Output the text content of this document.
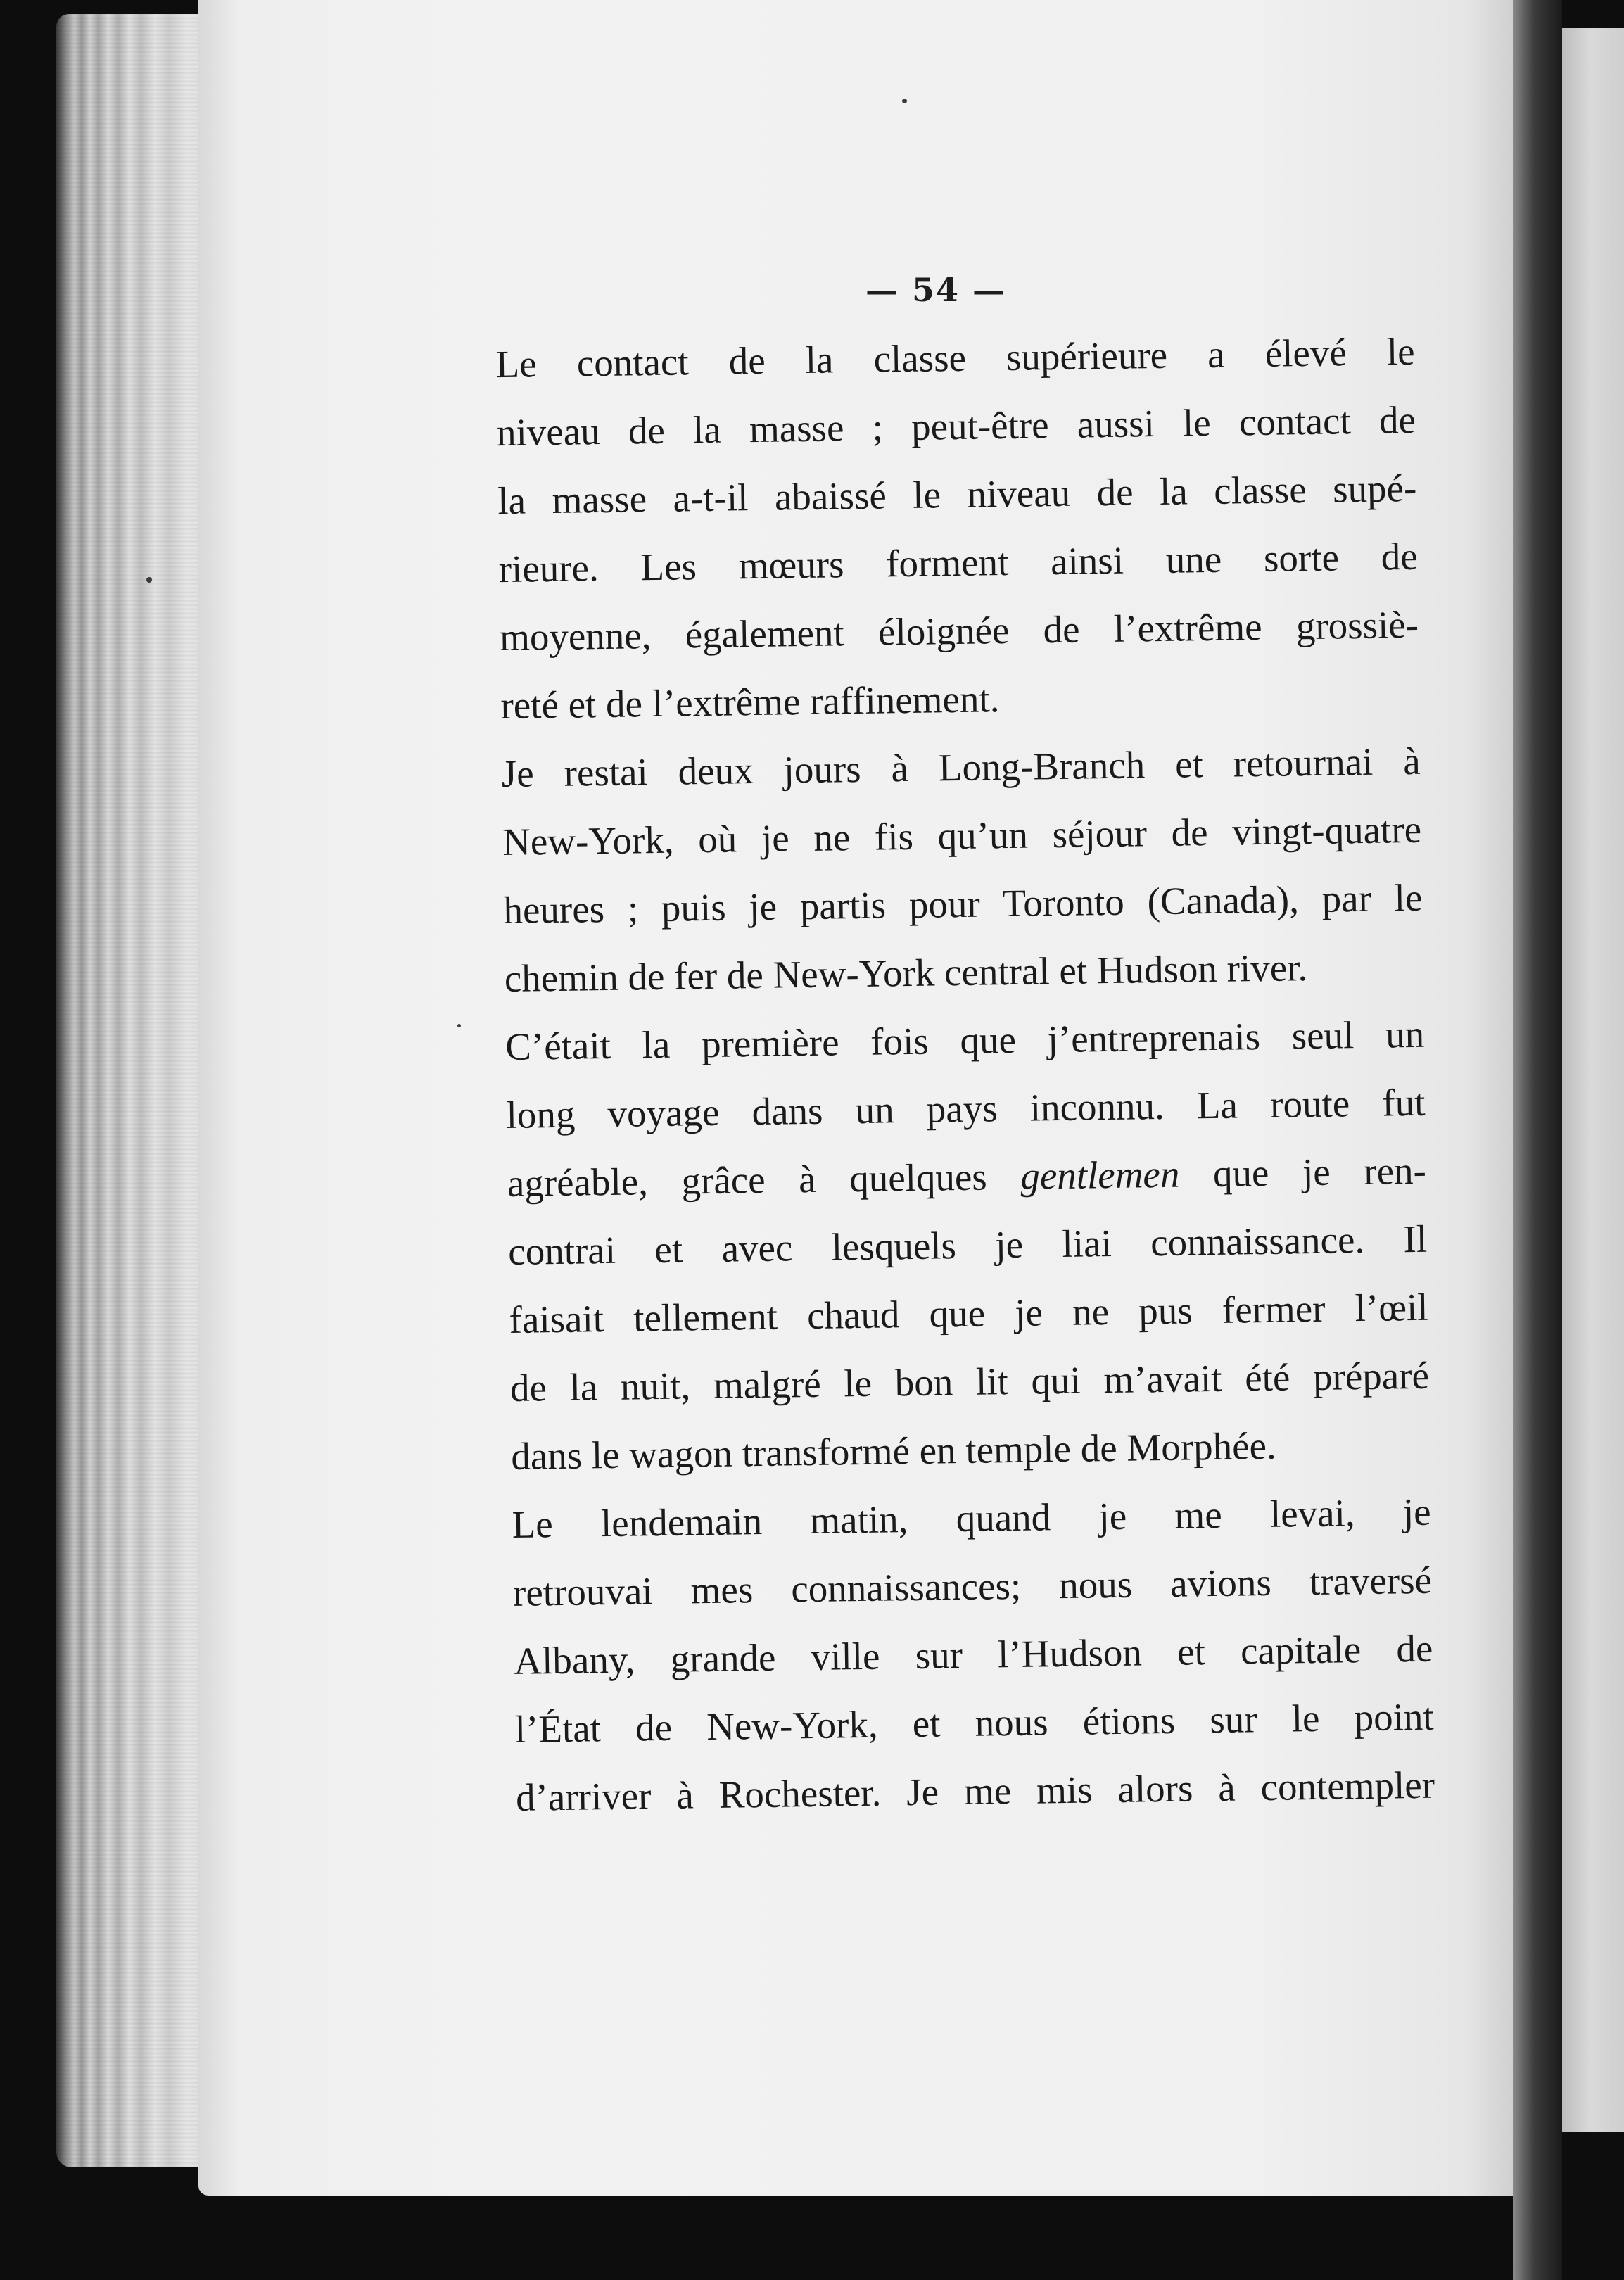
— 54 —

Le contact de la classe supérieure a élevé le
niveau de la masse ; peut-être aussi le contact de
la masse a-t-il abaissé le niveau de la classe supé-
rieure. Les mœurs forment ainsi une sorte de
moyenne, également éloignée de l’extrême grossiè-
reté et de l’extrême raffinement.

Je restai deux jours à Long-Branch et retournai à
New-York, où je ne fis qu’un séjour de vingt-quatre
heures ; puis je partis pour Toronto (Canada), par le
chemin de fer de New-York central et Hudson river.

C’était la première fois que j’entreprenais seul un
long voyage dans un pays inconnu. La route fut
agréable, grâce à quelques gentlemen que je ren-
contrai et avec lesquels je liai connaissance. Il
faisait tellement chaud que je ne pus fermer l’œil
de la nuit, malgré le bon lit qui m’avait été préparé
dans le wagon transformé en temple de Morphée.

Le lendemain matin, quand je me levai, je
retrouvai mes connaissances; nous avions traversé
Albany, grande ville sur l’Hudson et capitale de
l’État de New-York, et nous étions sur le point
d’arriver à Rochester. Je me mis alors à contempler
